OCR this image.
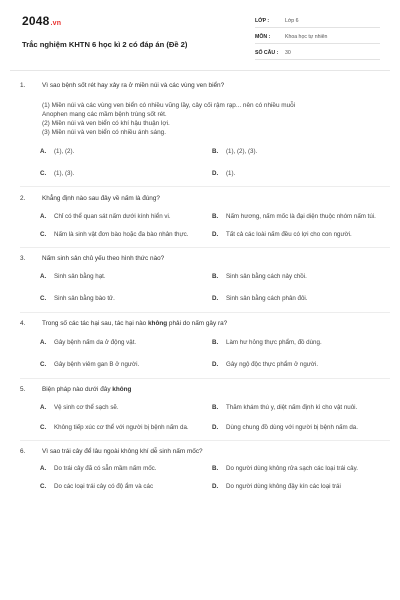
2048.vn
Trắc nghiệm KHTN 6 học kì 2 có đáp án (Đề 2)
LỚP :	Lớp 6
MÔN :	Khoa học tự nhiên
SỐ CÂU :	30
1.	Vì sao bệnh sốt rét hay xảy ra ở miền núi và các vùng ven biển?
(1) Miền núi và các vùng ven biển có nhiều vũng lầy, cây cối rậm rạp... nên có nhiều muỗi
Anophen mang các mầm bệnh trùng sốt rét.
(2) Miền núi và ven biển có khí hậu thuận lợi.
(3) Miền núi và ven biển có nhiều ánh sáng.
A.	(1), (2).	B.	(1), (2), (3).
C.	(1), (3).	D.	(1).
2.	Khẳng định nào sau đây về nấm là đúng?
A.	Chỉ có thể quan sát nấm dưới kính hiển vi.	B.	Nấm hương, nấm mốc là đại diện thuộc nhóm nấm túi.
C.	Nấm là sinh vật đơn bào hoặc đa bào nhân thực.	D.	Tất cả các loài nấm đều có lợi cho con người.
3.	Nấm sinh sản chủ yếu theo hình thức nào?
A.	Sinh sản bằng hạt.	B.	Sinh sản bằng cách nảy chồi.
C.	Sinh sản bằng bào tử.	D.	Sinh sản bằng cách phân đôi.
4.	Trong số các tác hại sau, tác hại nào không phải do nấm gây ra?
A.	Gây bệnh nấm da ở động vật.	B.	Làm hư hỏng thực phẩm, đồ dùng.
C.	Gây bệnh viêm gan B ở người.	D.	Gây ngộ độc thực phẩm ở người.
5.	Biện pháp nào dưới đây không
A.	Vệ sinh cơ thể sạch sẽ.	B.	Thăm khám thú y, diệt nấm định kì cho vật nuôi.
C.	Không tiếp xúc cơ thể với người bị bệnh nấm da.	D.	Dùng chung đồ dùng với người bị bệnh nấm da.
6.	Vì sao trái cây để lâu ngoài không khí dễ sinh nấm mốc?
A.	Do trái cây đã có sẵn mầm nấm mốc.	B.	Do người dùng không rửa sạch các loại trái cây.
C.	Do các loại trái cây có độ ẩm và các	D.	Do người dùng không đậy kín các loại trái
